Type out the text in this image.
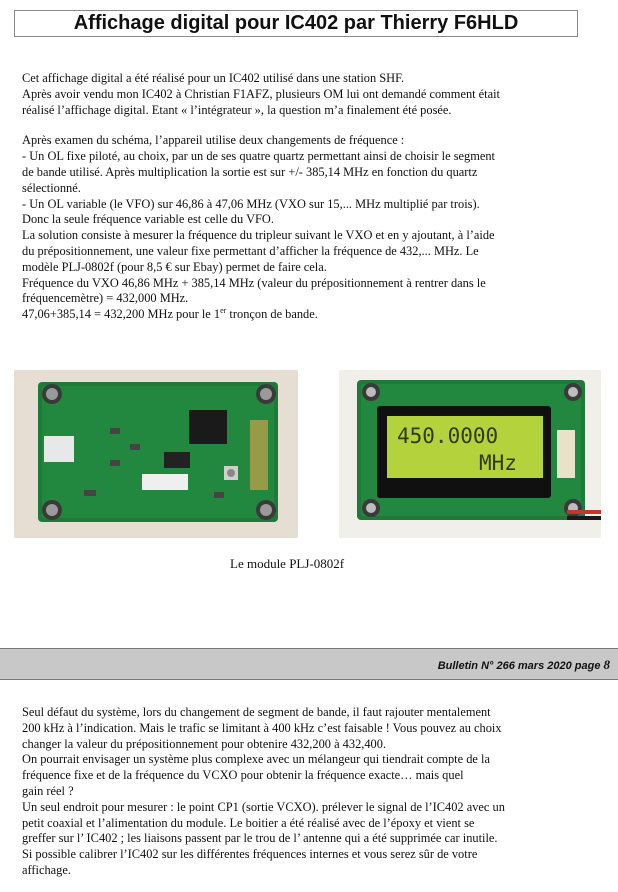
Affichage digital pour IC402 par Thierry F6HLD

Cet affichage digital a été réalisé pour un IC402 utilisé dans une station SHF.

Après avoir vendu mon IC402 à Christian F1AFZ, plusieurs OM lui ont demandé comment était

réalisé l’affichage digital. Etant « l’intégrateur », la question m’a finalement été posée.

Après examen du schéma, l’appareil utilise deux changements de fréquence :

- Un OL fixe piloté, au choix, par un de ses quatre quartz permettant ainsi de choisir le segment

de bande utilisé. Après multiplication la sortie est sur +/- 385,14 MHz en fonction du quartz

sélectionné.

- Un OL variable (le VFO) sur 46,86 à 47,06 MHz (VXO sur 15,... MHz multiplié par trois).

Donc la seule fréquence variable est celle du VFO.

La solution consiste à mesurer la fréquence du tripleur suivant le VXO et en y ajoutant, à l’aide

du prépositionnement, une valeur fixe permettant d’afficher la fréquence de 432,... MHz. Le

modèle PLJ-0802f (pour 8,5 € sur Ebay) permet de faire cela.

Fréquence du VXO 46,86 MHz + 385,14 MHz (valeur du prépositionnement à rentrer dans le

fréquencemètre) = 432,000 MHz.

47,06+385,14 = 432,200 MHz pour le 1er tronçon de bande.

450.0000
MHz
Le module PLJ-0802f
Bulletin N° 266 mars 2020 page 8

Seul défaut du système, lors du changement de segment de bande, il faut rajouter mentalement

200 kHz à l’indication. Mais le trafic se limitant à 400 kHz c’est faisable ! Vous pouvez au choix

changer la valeur du prépositionnement pour obtenire 432,200 à 432,400.

On pourrait envisager un système plus complexe avec un mélangeur qui tiendrait compte de la

fréquence fixe et de la fréquence du VCXO pour obtenir la fréquence exacte… mais quel

gain réel ?

Un seul endroit pour mesurer : le point CP1 (sortie VCXO). prélever le signal de l’IC402 avec un

petit coaxial et l’alimentation du module. Le boitier a été réalisé avec de l’époxy et vient se

greffer sur l’ IC402 ; les liaisons passent par le trou de l’ antenne qui a été supprimée car inutile.

Si possible calibrer l’IC402 sur les différentes fréquences internes et vous serez sûr de votre

affichage.
